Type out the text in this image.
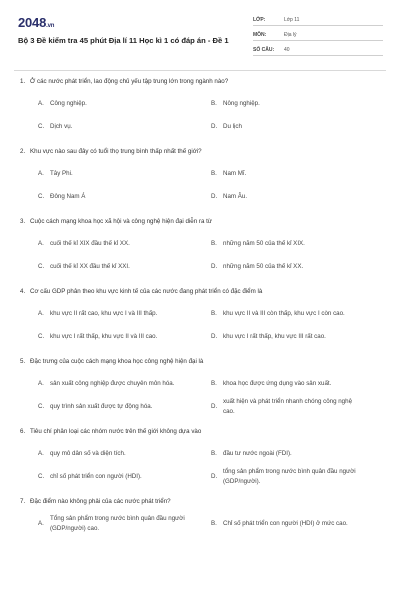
2048.vn
Bộ 3 Đề kiểm tra 45 phút Địa lí 11 Học kì 1 có đáp án - Đề 1
LỚP:	Lớp 11
MÔN:	Địa lý
SỐ CÂU:	40
1. Ở các nước phát triển, lao động chủ yếu tập trung lớn trong ngành nào?
A. Công nghiệp.	B. Nông nghiệp.
C. Dịch vụ.	D. Du lịch
2. Khu vực nào sau đây có tuổi thọ trung bình thấp nhất thế giới?
A. Tây Phi.	B. Nam Mĩ.
C. Đông Nam Á	D. Nam Âu.
3. Cuộc cách mạng khoa học xã hội và công nghệ hiện đại diễn ra từ
A. cuối thế kỉ XIX đầu thế kỉ XX.	B. những năm 50 của thế kỉ XIX.
C. cuối thế kỉ XX đầu thế kỉ XXI.	D. những năm 50 của thế kỉ XX.
4. Cơ cấu GDP phân theo khu vực kinh tế của các nước đang phát triển có đặc điểm là
A. khu vực II rất cao, khu vực I và III thấp.	B. khu vực II và III còn thấp, khu vực I còn cao.
C. khu vực I rất thấp, khu vực II và III cao.	D. khu vực I rất thấp, khu vực III rất cao.
5. Đặc trưng của cuộc cách mạng khoa học công nghệ hiện đại là
A. sản xuất công nghiệp được chuyên môn hóa.	B. khoa học được ứng dụng vào sản xuất.
C. quy trình sản xuất được tự động hóa.	D.
xuất hiện và phát triển nhanh chóng công nghệ cao.
6. Tiêu chí phân loại các nhóm nước trên thế giới không dựa vào
A. quy mô dân số và diện tích.	B. đầu tư nước ngoài (FDI).
C. chỉ số phát triển con người (HDI).	D.
tổng sản phẩm trong nước bình quân đầu người (GDP/người).
7. Đặc điểm nào không phải của các nước phát triển?
A.
Tổng sản phẩm trong nước bình quân đầu người (GDP/người) cao.
B. Chỉ số phát triển con người (HDI) ở mức cao.
